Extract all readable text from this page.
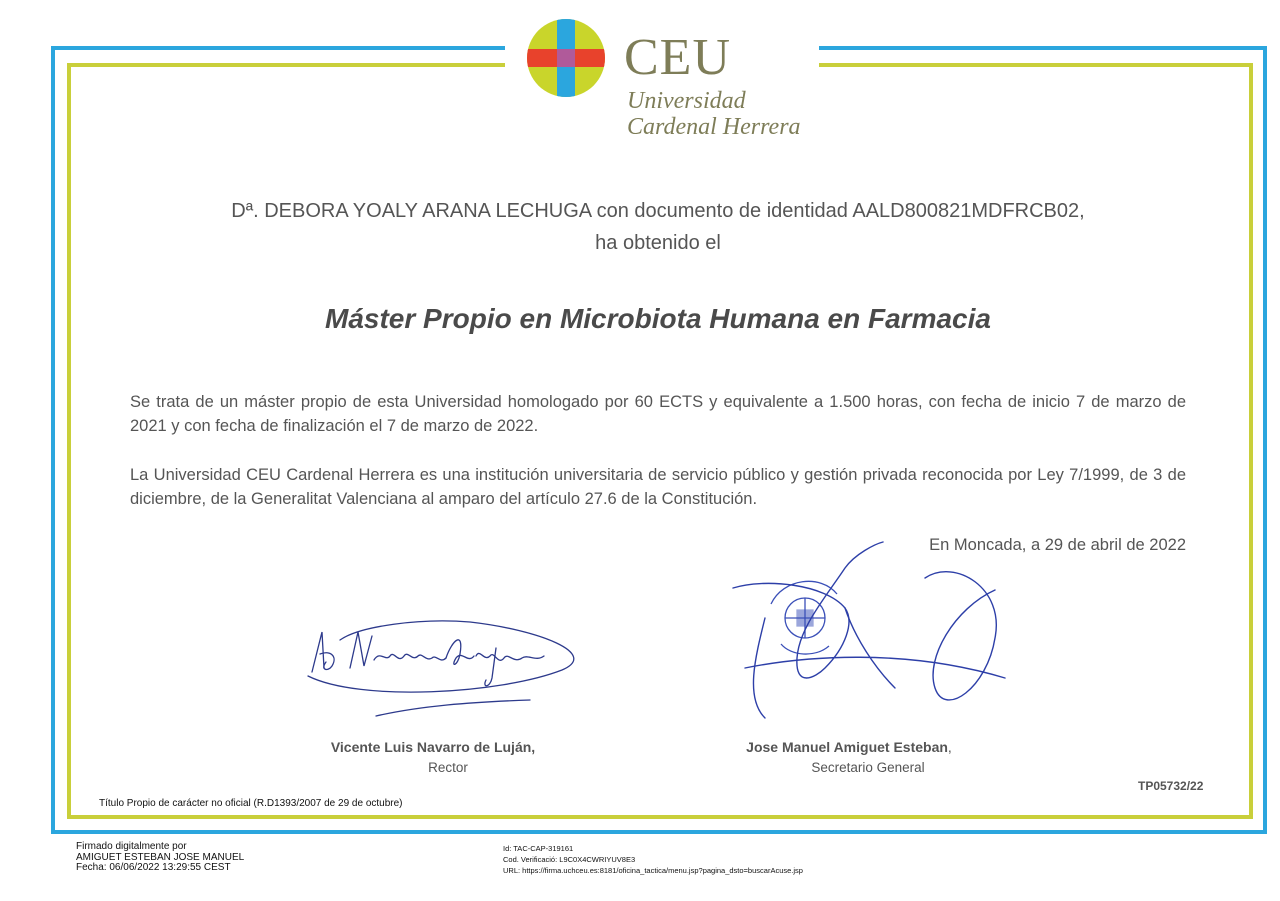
CEU
Universidad
Cardenal Herrera
Dª. DEBORA YOALY ARANA LECHUGA con documento de identidad AALD800821MDFRCB02,
ha obtenido el
Máster Propio en Microbiota Humana en Farmacia
Se trata de un máster propio de esta Universidad homologado por 60 ECTS y equivalente a 1.500 horas, con fecha de inicio 7 de marzo de 2021 y con fecha de finalización el 7 de marzo de 2022.
La Universidad CEU Cardenal Herrera es una institución universitaria de servicio público y gestión privada reconocida por Ley 7/1999, de 3 de diciembre, de la Generalitat Valenciana al amparo del artículo 27.6 de la Constitución.
En Moncada, a 29 de abril de 2022
Vicente Luis Navarro de Luján,
Rector
Jose Manuel Amiguet Esteban,
Secretario General
TP05732/22
Título Propio de carácter no oficial (R.D1393/2007 de 29 de octubre)
Firmado digitalmente por
AMIGUET ESTEBAN JOSE MANUEL
Fecha: 06/06/2022 13:29:55 CEST
Id: TAC-CAP-319161
Cod. Verificació: L9C0X4CWRIYUV8E3
URL: https://firma.uchceu.es:8181/oficina_tactica/menu.jsp?pagina_dsto=buscarAcuse.jsp
